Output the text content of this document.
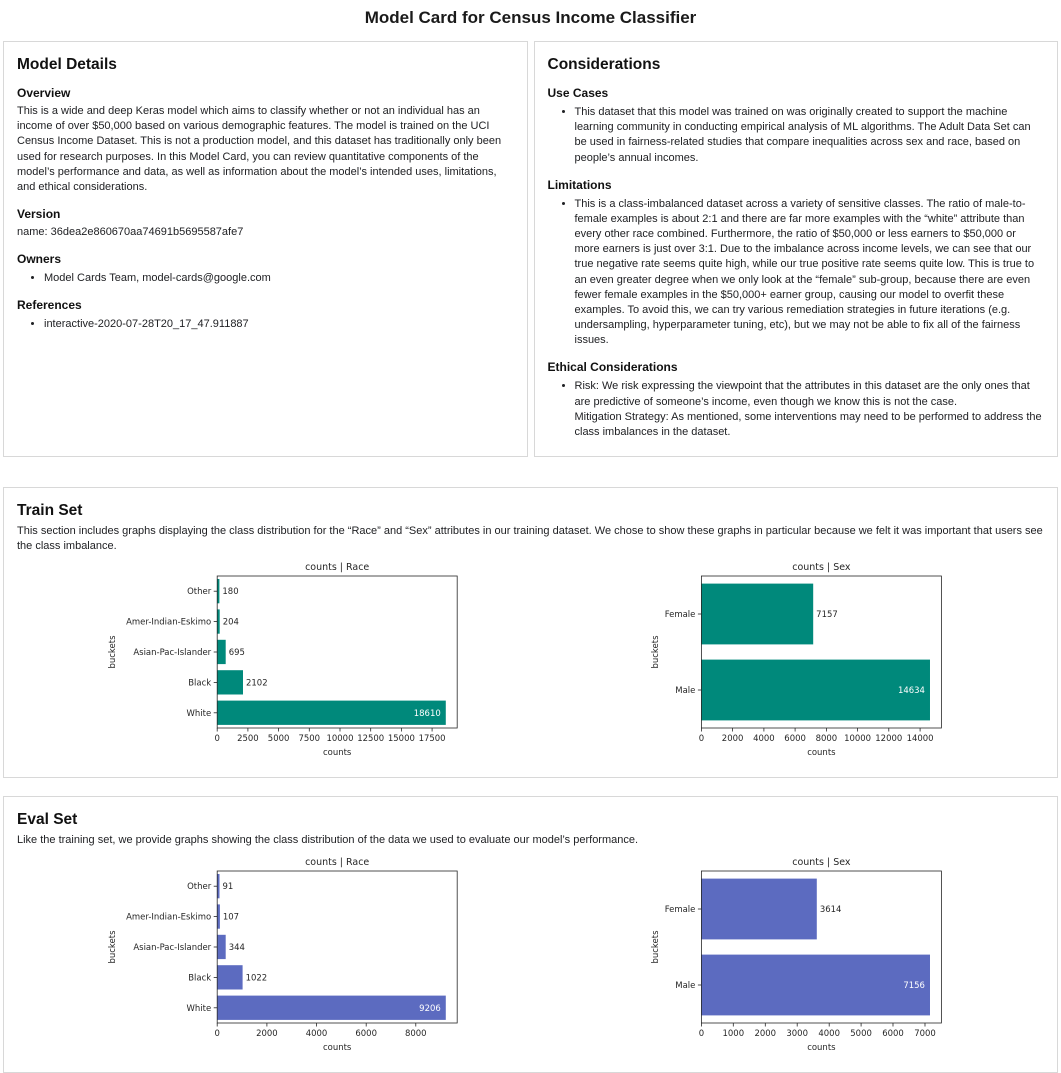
Model Card for Census Income Classifier
Model Details
Overview

This is a wide and deep Keras model which aims to classify whether or not an individual has an income of over $50,000 based on various demographic features. The model is trained on the UCI Census Income Dataset. This is not a production model, and this dataset has traditionally only been used for research purposes. In this Model Card, you can review quantitative components of the model’s performance and data, as well as information about the model’s intended uses, limitations, and ethical considerations.

Version

name: 36dea2e860670aa74691b5695587afe7

Owners
• Model Cards Team, model-cards@google.com
References
• interactive-2020-07-28T20_17_47.911887
Considerations
Use Cases
• This dataset that this model was trained on was originally created to support the machine learning community in conducting empirical analysis of ML algorithms. The Adult Data Set can be used in fairness-related studies that compare inequalities across sex and race, based on people’s annual incomes.
Limitations
• This is a class-imbalanced dataset across a variety of sensitive classes. The ratio of male-to-female examples is about 2:1 and there are far more examples with the “white” attribute than every other race combined. Furthermore, the ratio of $50,000 or less earners to $50,000 or more earners is just over 3:1. Due to the imbalance across income levels, we can see that our true negative rate seems quite high, while our true positive rate seems quite low. This is true to an even greater degree when we only look at the “female” sub-group, because there are even fewer female examples in the $50,000+ earner group, causing our model to overfit these examples. To avoid this, we can try various remediation strategies in future iterations (e.g. undersampling, hyperparameter tuning, etc), but we may not be able to fix all of the fairness issues.
Ethical Considerations
• Risk: We risk expressing the viewpoint that the attributes in this dataset are the only ones that are predictive of someone’s income, even though we know this is not the case.
Mitigation Strategy: As mentioned, some interventions may need to be performed to address the class imbalances in the dataset.
Train Set

This section includes graphs displaying the class distribution for the “Race” and “Sex” attributes in our training dataset. We chose to show these graphs in particular because we felt it was important that users see the class imbalance.

counts | Race
Other 180
Amer-Indian-Eskimo 204
Asian-Pac-Islander 695
Black	2102
White	18610
0 2500 5000 7500 10000 12500 15000 17500
counts
buckets
counts | Sex
Female	7157
Male	14634
0 2000 4000 6000 8000 10000 12000 14000
counts
buckets
Eval Set

Like the training set, we provide graphs showing the class distribution of the data we used to evaluate our model’s performance.

counts | Race
Other 91
Amer-Indian-Eskimo 107
Asian-Pac-Islander 344
Black	1022
White	9206
0	2000	4000	6000	8000
counts
buckets
counts | Sex
Female	3614
Male	7156
0 1000 2000 3000 4000 5000 6000 7000
counts
buckets
